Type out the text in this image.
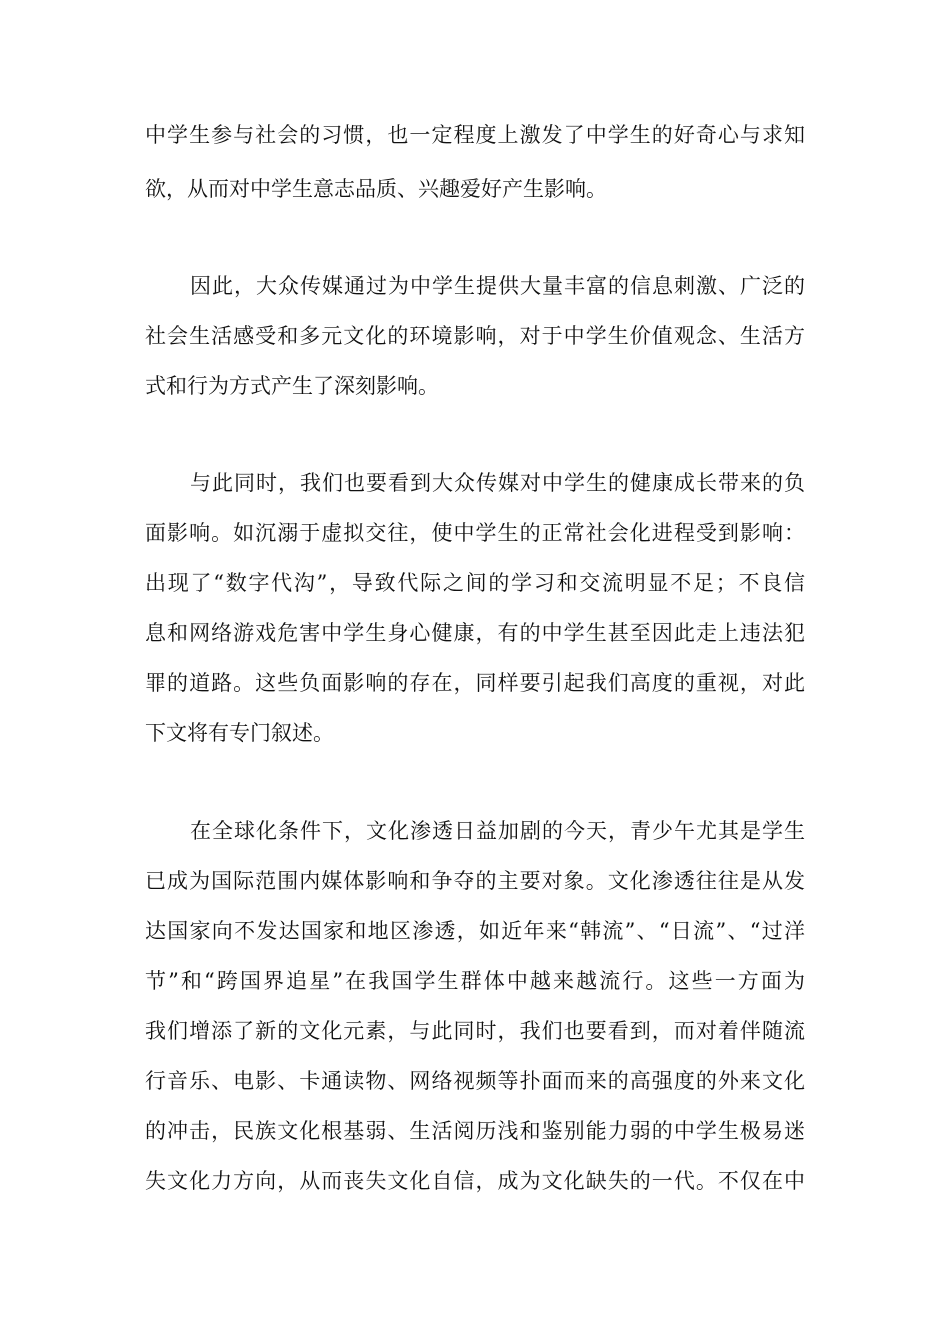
中学生参与社会的习惯，也一定程度上激发了中学生的好奇心与求知
欲，从而对中学生意志品质、兴趣爱好产生影响。
因此，大众传媒通过为中学生提供大量丰富的信息刺激、广泛的
社会生活感受和多元文化的环境影响，对于中学生价值观念、生活方
式和行为方式产生了深刻影响。
与此同时，我们也要看到大众传媒对中学生的健康成长带来的负
面影响。如沉溺于虚拟交往，使中学生的正常社会化进程受到影响：
出现了“数字代沟”，导致代际之间的学习和交流明显不足；不良信
息和网络游戏危害中学生身心健康，有的中学生甚至因此走上违法犯
罪的道路。这些负面影响的存在，同样要引起我们高度的重视，对此
下文将有专门叙述。
在全球化条件下，文化渗透日益加剧的今天，青少午尤其是学生
已成为国际范围内媒体影响和争夺的主要对象。文化渗透往往是从发
达国家向不发达国家和地区渗透，如近年来“韩流”、“日流”、“过洋
节”和“跨国界追星”在我国学生群体中越来越流行。这些一方面为
我们增添了新的文化元素，与此同时，我们也要看到，而对着伴随流
行音乐、电影、卡通读物、网络视频等扑面而来的高强度的外来文化
的冲击，民族文化根基弱、生活阅历浅和鉴别能力弱的中学生极易迷
失文化力方向，从而丧失文化自信，成为文化缺失的一代。不仅在中
